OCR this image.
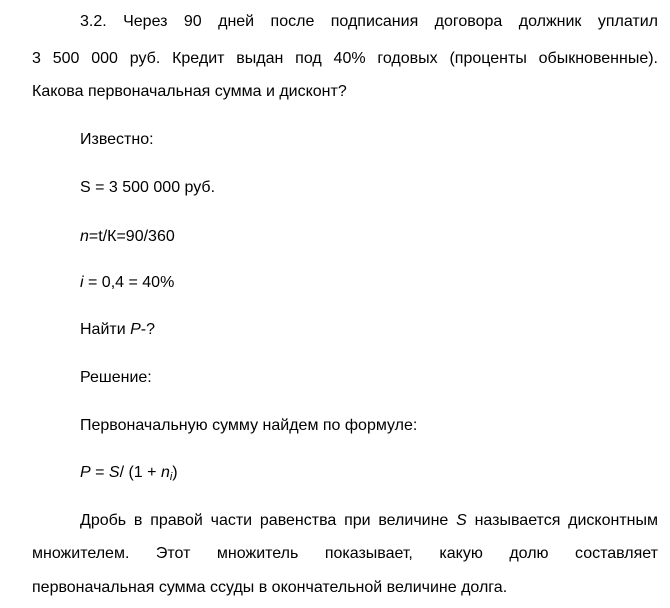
3.2. Через 90 дней после подписания договора должник уплатил
3 500 000 руб. Кредит выдан под 40% годовых (проценты обыкновенные).
Какова первоначальная сумма и дисконт?
Известно:
S = 3 500 000 руб.
n=t/К=90/360
i = 0,4 = 40%
Найти P-?
Решение:
Первоначальную сумму найдем по формуле:
P = S/ $(1 + n_i)$
Дробь в правой части равенства при величине S называется дисконтным
множителем. Этот множитель показывает, какую долю составляет
первоначальная сумма ссуды в окончательной величине долга.
